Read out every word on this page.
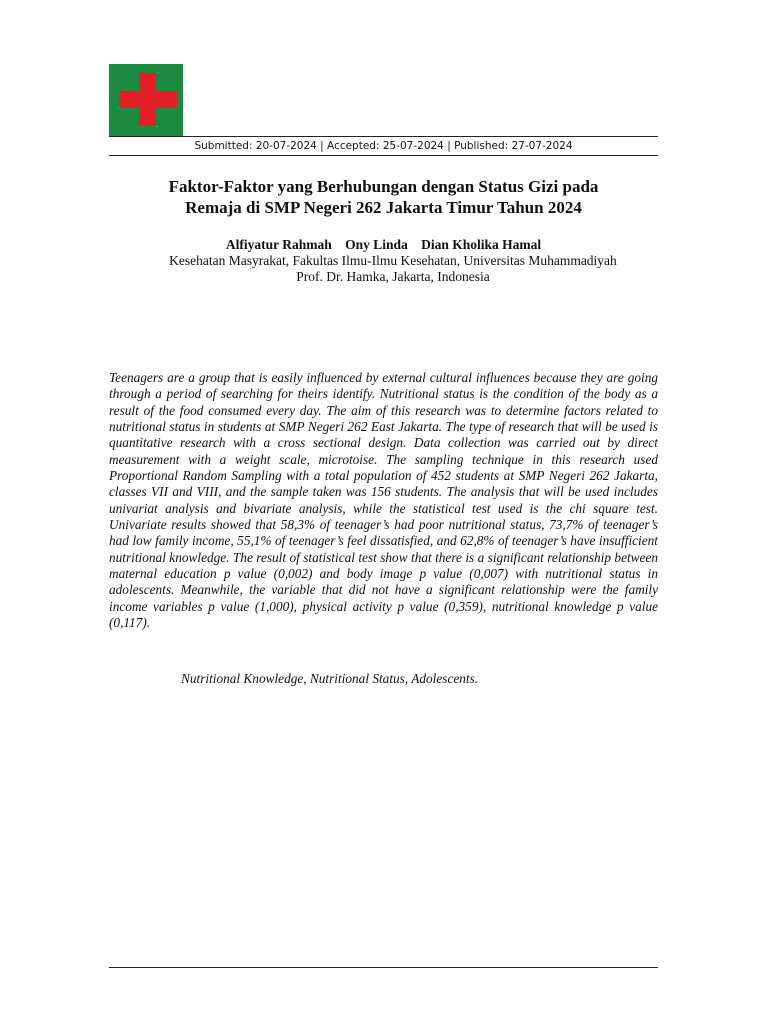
Submitted: 20-07-2024 | Accepted: 25-07-2024 | Published: 27-07-2024
Faktor-Faktor yang Berhubungan dengan Status Gizi pada
Remaja di SMP Negeri 262 Jakarta Timur Tahun 2024
Alfiyatur Rahmah Ony Linda Dian Kholika Hamal
Kesehatan Masyrakat, Fakultas Ilmu-Ilmu Kesehatan, Universitas Muhammadiyah
Prof. Dr. Hamka, Jakarta, Indonesia

Teenagers are a group that is easily influenced by external cultural influences because they are going through a period of searching for theirs identify. Nutritional status is the condition of the body as a result of the food consumed every day. The aim of this research was to determine factors related to nutritional status in students at SMP Negeri 262 East Jakarta. The type of research that will be used is quantitative research with a cross sectional design. Data collection was carried out by direct measurement with a weight scale, microtoise. The sampling technique in this research used Proportional Random Sampling with a total population of 452 students at SMP Negeri 262 Jakarta, classes VII and VIII, and the sample taken was 156 students. The analysis that will be used includes univariat analysis and bivariate analysis, while the statistical test used is the chi square test. Univariate results showed that 58,3% of teenager’s had poor nutritional status, 73,7% of teenager’s had low family income, 55,1% of teenager’s feel dissatisfied, and 62,8% of teenager’s have insufficient nutritional knowledge. The result of statistical test show that there is a significant relationship between maternal education p value (0,002) and body image p value (0,007) with nutritional status in adolescents. Meanwhile, the variable that did not have a significant relationship were the family income variables p value (1,000), physical activity p value (0,359), nutritional knowledge p value (0,117).

Nutritional Knowledge, Nutritional Status, Adolescents.
